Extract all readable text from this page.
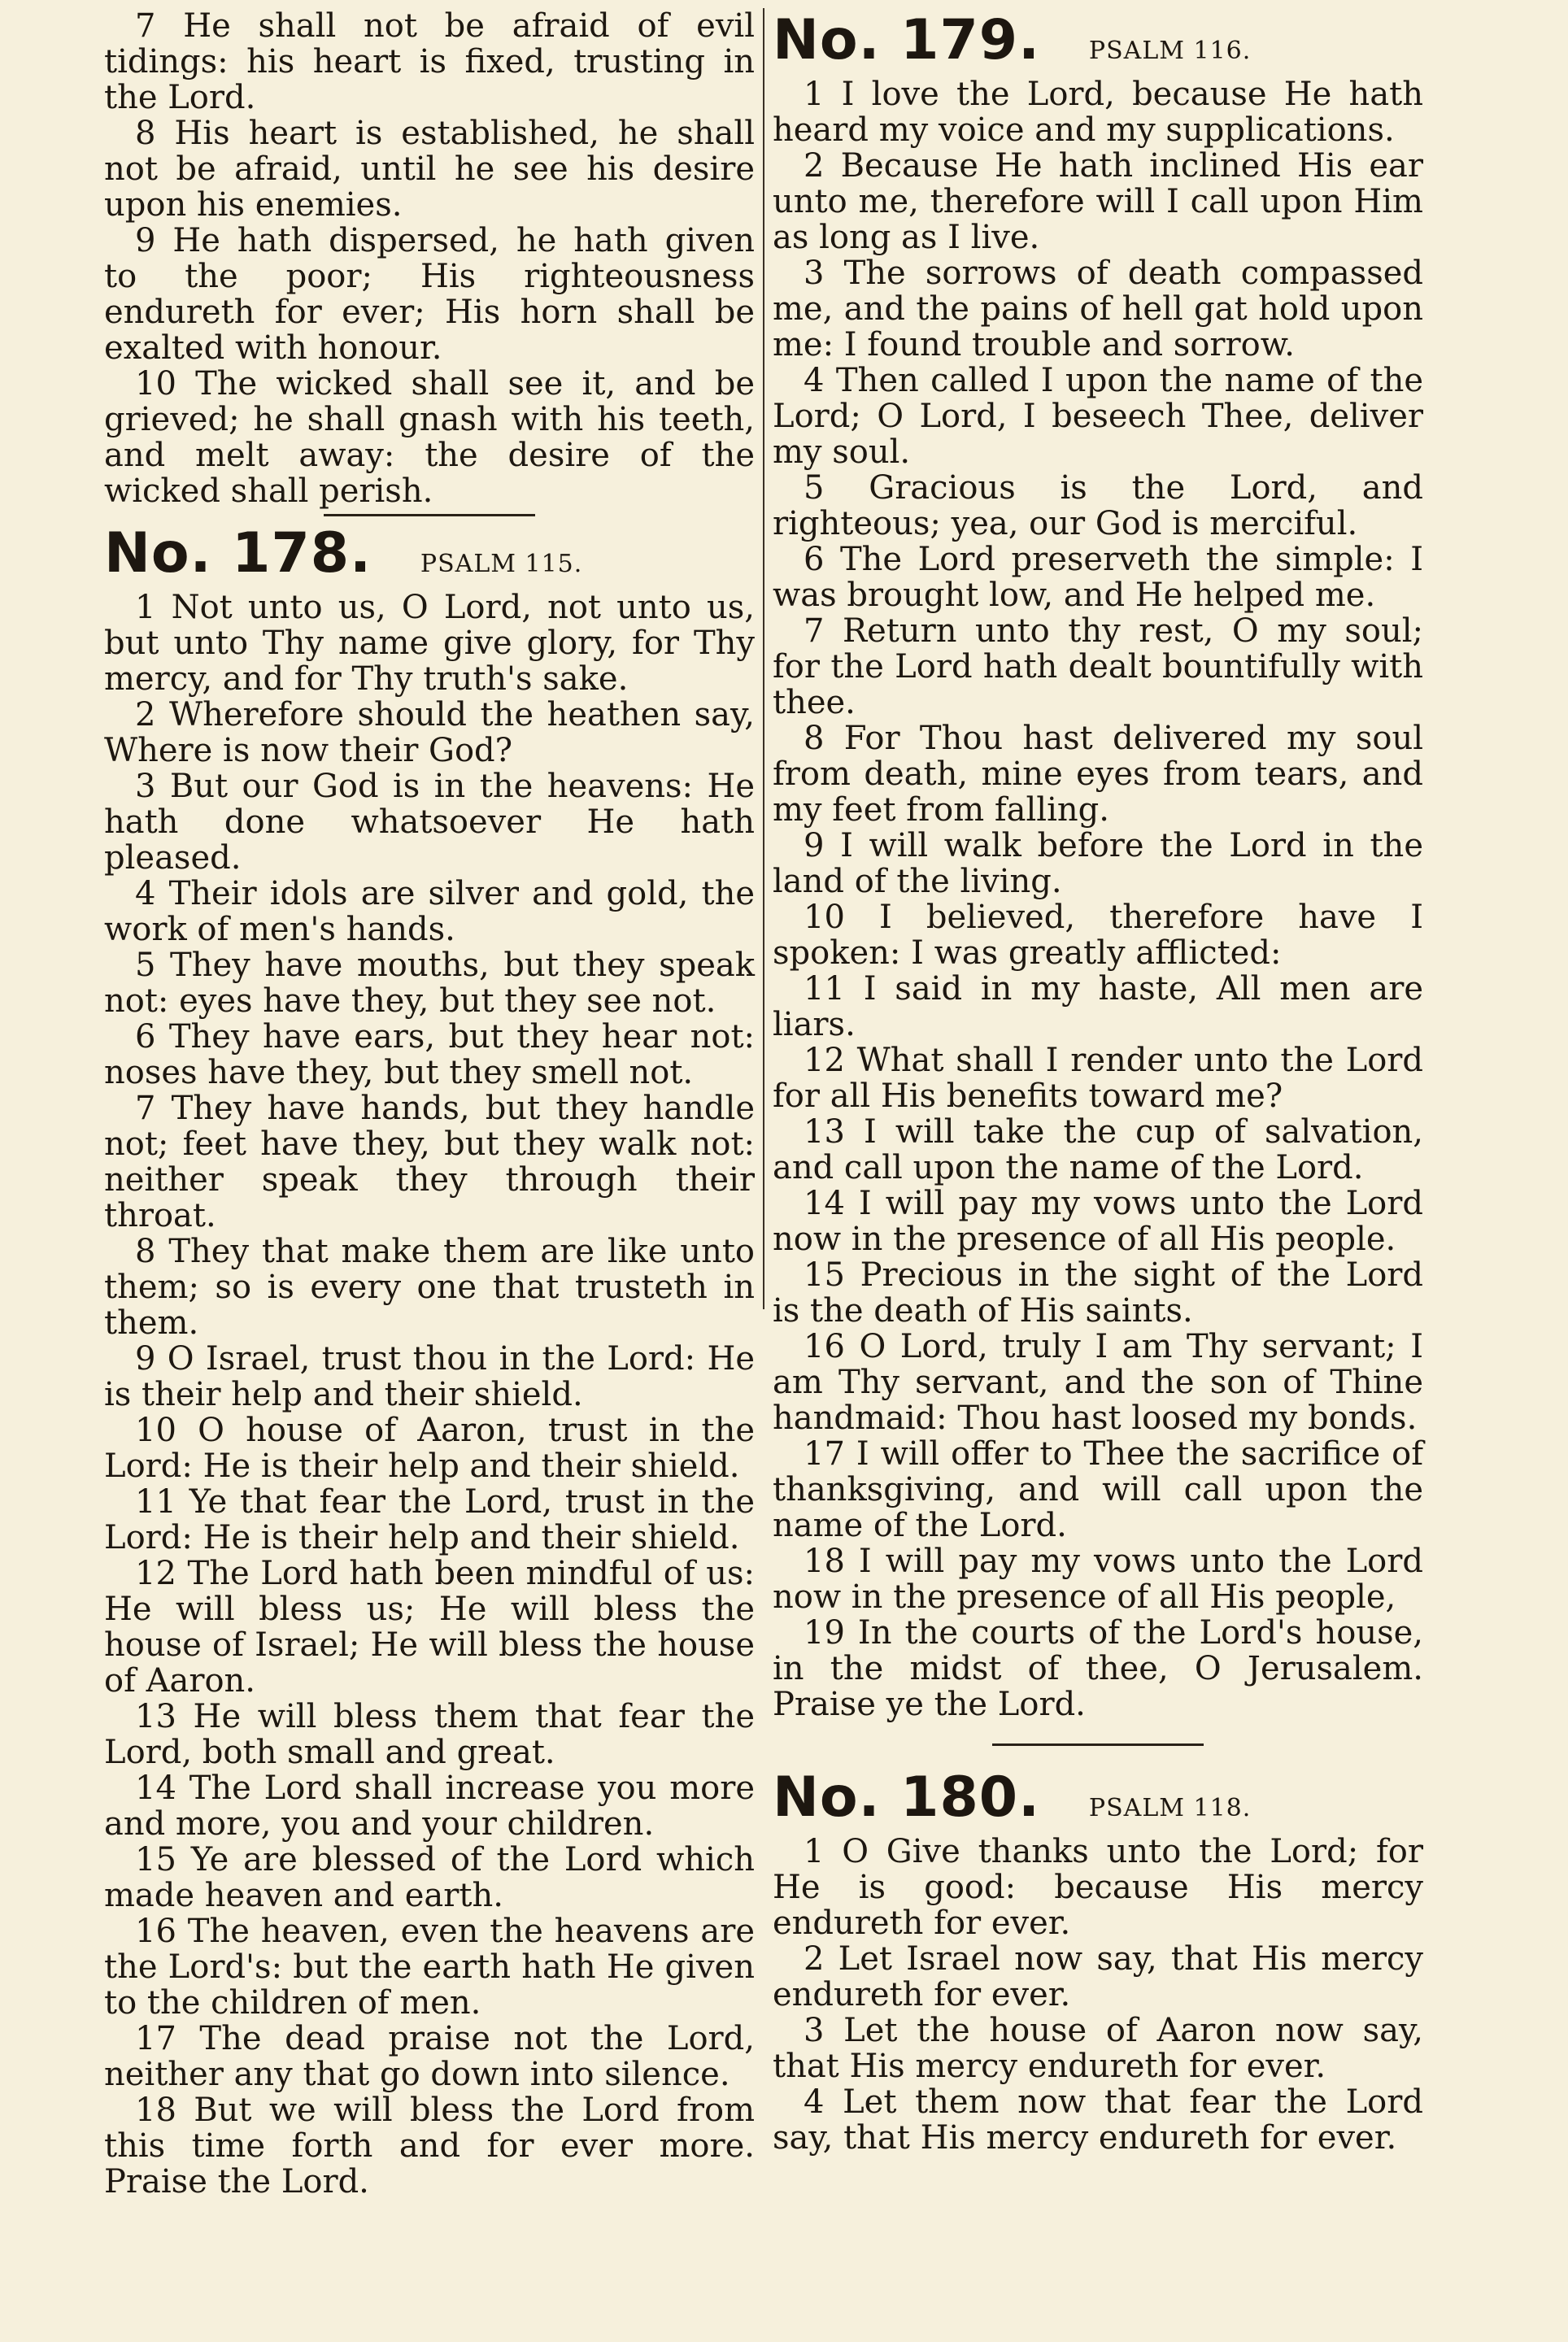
7 He shall not be afraid of evil tidings: his heart is fixed, trusting in the Lord.

8 His heart is established, he shall not be afraid, until he see his desire upon his enemies.

9 He hath dispersed, he hath given to the poor; His righteousness endureth for ever; His horn shall be exalted with honour.

10 The wicked shall see it, and be grieved; he shall gnash with his teeth, and melt away: the desire of the wicked shall perish.

No. 178. PSALM 115.

1 Not unto us, O Lord, not unto us, but unto Thy name give glory, for Thy mercy, and for Thy truth's sake.

2 Wherefore should the heathen say, Where is now their God?

3 But our God is in the heavens: He hath done whatsoever He hath pleased.

4 Their idols are silver and gold, the work of men's hands.

5 They have mouths, but they speak not: eyes have they, but they see not.

6 They have ears, but they hear not: noses have they, but they smell not.

7 They have hands, but they handle not; feet have they, but they walk not: neither speak they through their throat.

8 They that make them are like unto them; so is every one that trusteth in them.

9 O Israel, trust thou in the Lord: He is their help and their shield.

10 O house of Aaron, trust in the Lord: He is their help and their shield.

11 Ye that fear the Lord, trust in the Lord: He is their help and their shield.

12 The Lord hath been mindful of us: He will bless us; He will bless the house of Israel; He will bless the house of Aaron.

13 He will bless them that fear the Lord, both small and great.

14 The Lord shall increase you more and more, you and your children.

15 Ye are blessed of the Lord which made heaven and earth.

16 The heaven, even the heavens are the Lord's: but the earth hath He given to the children of men.

17 The dead praise not the Lord, neither any that go down into silence.

18 But we will bless the Lord from this time forth and for ever more. Praise the Lord.

No. 179. PSALM 116.

1 I love the Lord, because He hath heard my voice and my supplications.

2 Because He hath inclined His ear unto me, therefore will I call upon Him as long as I live.

3 The sorrows of death compassed me, and the pains of hell gat hold upon me: I found trouble and sorrow.

4 Then called I upon the name of the Lord; O Lord, I beseech Thee, deliver my soul.

5 Gracious is the Lord, and righteous; yea, our God is merciful.

6 The Lord preserveth the simple: I was brought low, and He helped me.

7 Return unto thy rest, O my soul; for the Lord hath dealt bountifully with thee.

8 For Thou hast delivered my soul from death, mine eyes from tears, and my feet from falling.

9 I will walk before the Lord in the land of the living.

10 I believed, therefore have I spoken: I was greatly afflicted:

11 I said in my haste, All men are liars.

12 What shall I render unto the Lord for all His benefits toward me?

13 I will take the cup of salvation, and call upon the name of the Lord.

14 I will pay my vows unto the Lord now in the presence of all His people.

15 Precious in the sight of the Lord is the death of His saints.

16 O Lord, truly I am Thy servant; I am Thy servant, and the son of Thine handmaid: Thou hast loosed my bonds.

17 I will offer to Thee the sacrifice of thanksgiving, and will call upon the name of the Lord.

18 I will pay my vows unto the Lord now in the presence of all His people,

19 In the courts of the Lord's house, in the midst of thee, O Jerusalem. Praise ye the Lord.

No. 180. PSALM 118.

1 O Give thanks unto the Lord; for He is good: because His mercy endureth for ever.

2 Let Israel now say, that His mercy endureth for ever.

3 Let the house of Aaron now say, that His mercy endureth for ever.

4 Let them now that fear the Lord say, that His mercy endureth for ever.
